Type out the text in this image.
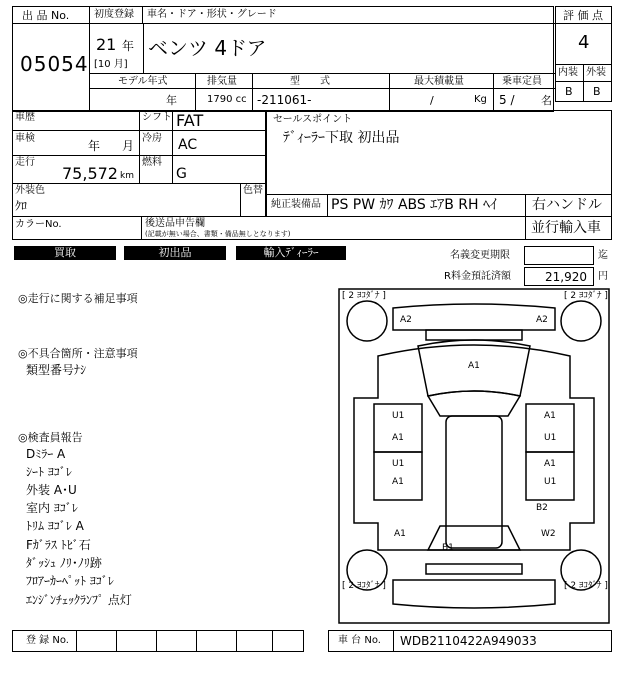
出 品 No.
05054
初度登録 車名・ドア・形状・グレード
21 年
[10 月]
ベンツ 4ドア
モデル年式	排気量	型　　式	最大積載量	乗車定員
年	1790 cc -211061-	/	Kg 5 / 名
評 価 点
4
内装 外装
B B
車歴	シフト FAT
車検
年 月
冷房 AC
走行
75,572 km
燃料
G
セールスポイント
ﾃﾞｨｰﾗｰ下取 初出品
外装色
ｸﾛ
色替
純正装備品 PS PW ｶﾜ ABS ｴｱB RH ﾍｲ	右ハンドル
カラーNo.	後送品申告欄
(記載が無い場合、書類・備品無しとなります)	並行輸入車
買取	初出品	輸入ﾃﾞｨｰﾗｰ	名義変更期限	迄
R料金預託済額	21,920 円
◎走行に関する補足事項
◎不具合箇所・注意事項
類型番号ﾅｼ
◎検査員報告
Dﾐﾗｰ A
ｼｰﾄ ﾖｺﾞﾚ
外装 A･U
室内 ﾖｺﾞﾚ
ﾄﾘﾑ ﾖｺﾞﾚ A
Fｶﾞﾗｽ ﾄﾋﾞ石
ﾀﾞｯｼｭ ﾉﾘ･ﾉﾘ跡
ﾌﾛｱｰｶｰﾍﾟｯﾄ ﾖｺﾞﾚ
ｴﾝｼﾞﾝﾁｪｯｸﾗﾝﾌﾟ 点灯
[ 2 ﾖｺﾀﾞﾅ ]	[ 2 ﾖｺﾀﾞﾅ ]
[ 2 ﾖｺﾀﾞﾅ ]	[ 2 ﾖｺﾀﾞﾅ ]
A2	A2
A1
U1
A1
U1
A1
A1
U1
A1
U1
B2
W2
A1
B1
登 録 No.	車 台 No. WDB2110422A949033
